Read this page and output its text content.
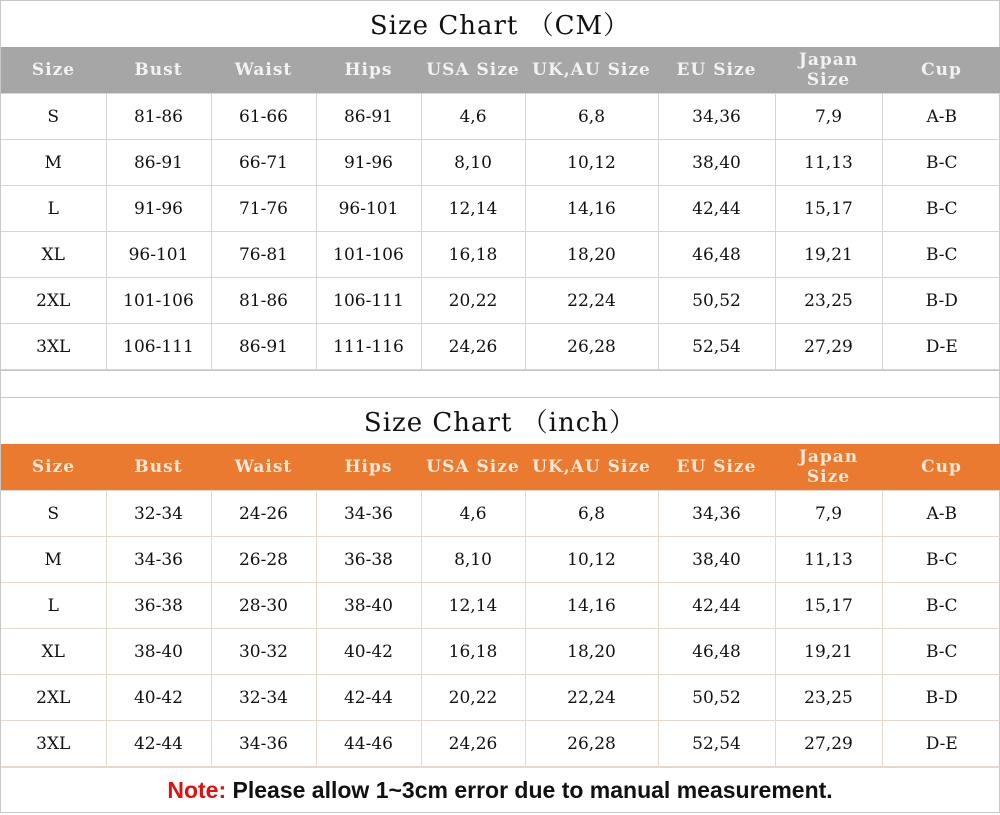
Size Chart （CM）
Size	Bust	Waist	Hips	USA Size	UK,AU Size	EU Size	Japan Size	Cup
S	81-86	61-66	86-91	4,6	6,8	34,36	7,9	A-B
M	86-91	66-71	91-96	8,10	10,12	38,40	11,13	B-C
L	91-96	71-76	96-101	12,14	14,16	42,44	15,17	B-C
XL	96-101	76-81	101-106	16,18	18,20	46,48	19,21	B-C
2XL	101-106	81-86	106-111	20,22	22,24	50,52	23,25	B-D
3XL	106-111	86-91	111-116	24,26	26,28	52,54	27,29	D-E
Size Chart （inch）
Size	Bust	Waist	Hips	USA Size	UK,AU Size	EU Size	Japan Size	Cup
S	32-34	24-26	34-36	4,6	6,8	34,36	7,9	A-B
M	34-36	26-28	36-38	8,10	10,12	38,40	11,13	B-C
L	36-38	28-30	38-40	12,14	14,16	42,44	15,17	B-C
XL	38-40	30-32	40-42	16,18	18,20	46,48	19,21	B-C
2XL	40-42	32-34	42-44	20,22	22,24	50,52	23,25	B-D
3XL	42-44	34-36	44-46	24,26	26,28	52,54	27,29	D-E
Note: Please allow 1~3cm error due to manual measurement.
